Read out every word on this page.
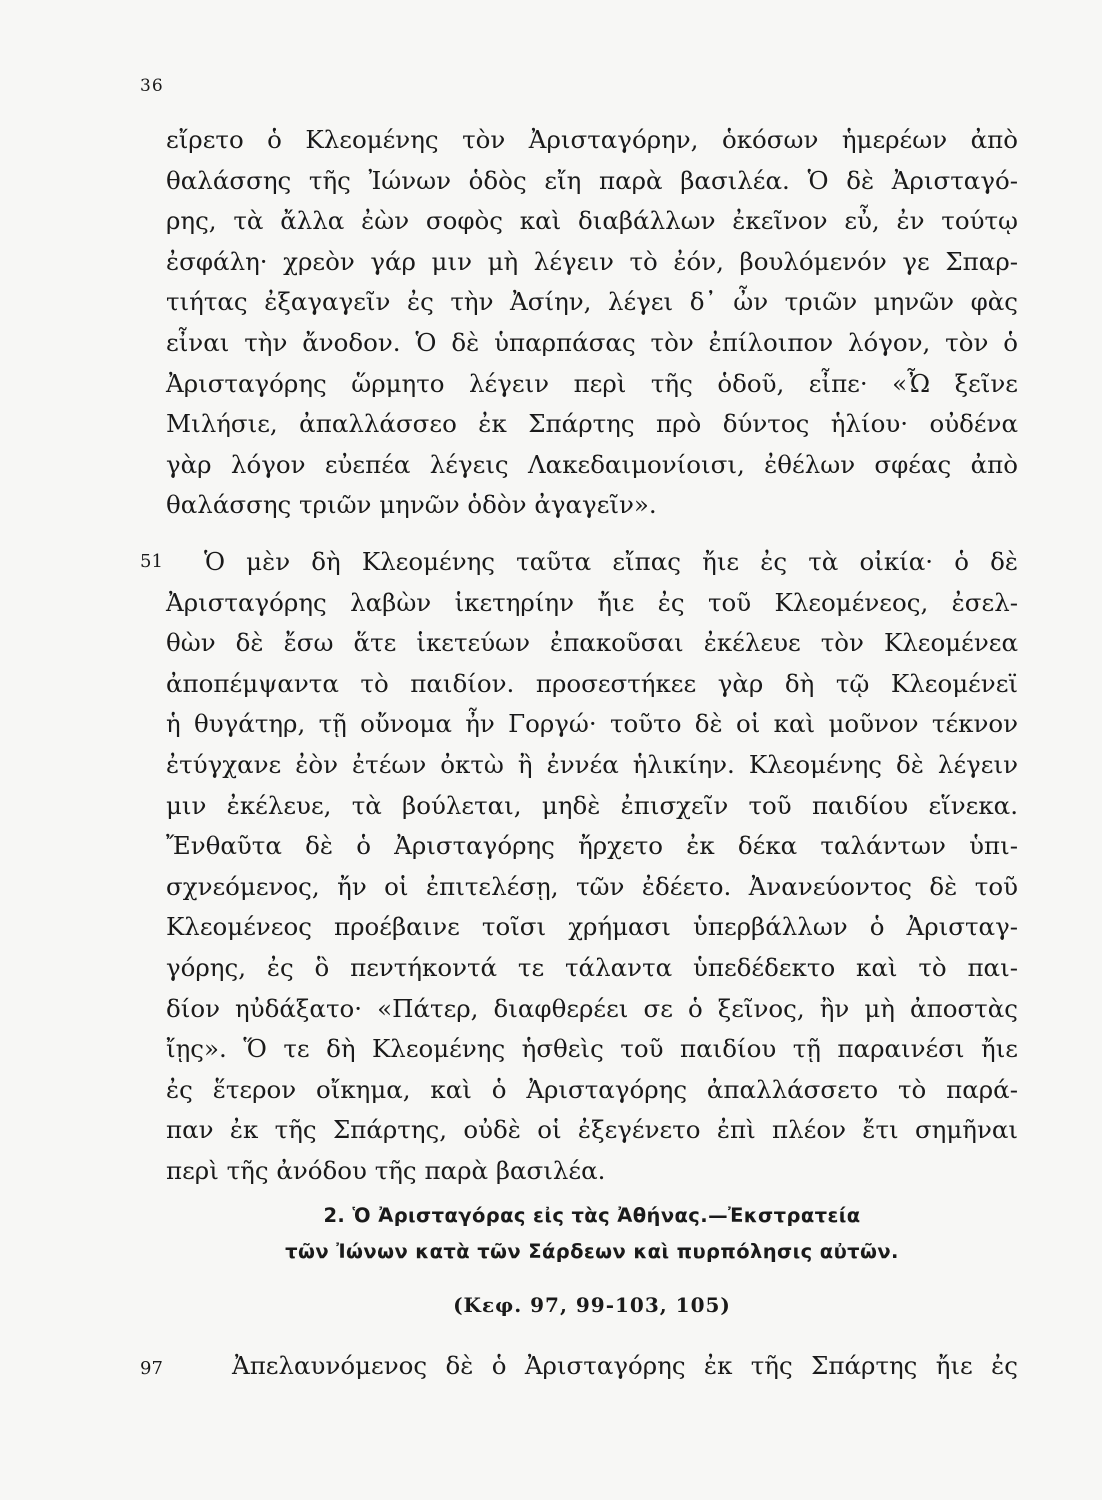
36
εἴρετο ὁ Κλεομένης τὸν Ἀρισταγόρην, ὁκόσων ἡμερέων ἀπὸ
θαλάσσης τῆς Ἰώνων ὁδὸς εἴη παρὰ βασιλέα. Ὁ δὲ Ἀρισταγό-
ρης, τὰ ἄλλα ἐὼν σοφὸς καὶ διαβάλλων ἐκεῖνον εὖ, ἐν τούτῳ
ἐσφάλη· χρεὸν γάρ μιν μὴ λέγειν τὸ ἐόν, βουλόμενόν γε Σπαρ-
τιήτας ἐξαγαγεῖν ἐς τὴν Ἀσίην, λέγει δ᾽ ὦν τριῶν μηνῶν φὰς
εἶναι τὴν ἄνοδον. Ὁ δὲ ὑπαρπάσας τὸν ἐπίλοιπον λόγον, τὸν ὁ
Ἀρισταγόρης ὥρμητο λέγειν περὶ τῆς ὁδοῦ, εἶπε· «Ὦ ξεῖνε
Μιλήσιε, ἀπαλλάσσεο ἐκ Σπάρτης πρὸ δύντος ἡλίου· οὐδένα
γὰρ λόγον εὐεπέα λέγεις Λακεδαιμονίοισι, ἐθέλων σφέας ἀπὸ
θαλάσσης τριῶν μηνῶν ὁδὸν ἀγαγεῖν».
51	Ὁ μὲν δὴ Κλεομένης ταῦτα εἴπας ἤιε ἐς τὰ οἰκία· ὁ δὲ
Ἀρισταγόρης λαβὼν ἱκετηρίην ἤιε ἐς τοῦ Κλεομένεος, ἐσελ-
θὼν δὲ ἔσω ἅτε ἱκετεύων ἐπακοῦσαι ἐκέλευε τὸν Κλεομένεα
ἀποπέμψαντα τὸ παιδίον. προσεστήκεε γὰρ δὴ τῷ Κλεομένεϊ
ἡ θυγάτηρ, τῇ οὔνομα ἦν Γοργώ· τοῦτο δὲ οἱ καὶ μοῦνον τέκνον
ἐτύγχανε ἐὸν ἐτέων ὀκτὼ ἢ ἐννέα ἡλικίην. Κλεομένης δὲ λέγειν
μιν ἐκέλευε, τὰ βούλεται, μηδὲ ἐπισχεῖν τοῦ παιδίου εἵνεκα.
Ἔνθαῦτα δὲ ὁ Ἀρισταγόρης ἤρχετο ἐκ δέκα ταλάντων ὑπι-
σχνεόμενος, ἤν οἱ ἐπιτελέσῃ, τῶν ἐδέετο. Ἀνανεύοντος δὲ τοῦ
Κλεομένεος προέβαινε τοῖσι χρήμασι ὑπερβάλλων ὁ Ἀρισταγ-
γόρης, ἐς ὃ πεντήκοντά τε τάλαντα ὑπεδέδεκτο καὶ τὸ παι-
δίον ηὐδάξατο· «Πάτερ, διαφθερέει σε ὁ ξεῖνος, ἢν μὴ ἀποστὰς
ἴῃς». Ὅ τε δὴ Κλεομένης ἡσθεὶς τοῦ παιδίου τῇ παραινέσι ἤιε
ἐς ἕτερον οἴκημα, καὶ ὁ Ἀρισταγόρης ἀπαλλάσσετο τὸ παρά-
παν ἐκ τῆς Σπάρτης, οὐδὲ οἱ ἐξεγένετο ἐπὶ πλέον ἔτι σημῆναι
περὶ τῆς ἀνόδου τῆς παρὰ βασιλέα.
2. Ὁ Ἀρισταγόρας εἰς τὰς Ἀθήνας.—Ἐκστρατεία
τῶν Ἰώνων κατὰ τῶν Σάρδεων καὶ πυρπόλησις αὐτῶν.
(Κεφ. 97, 99-103, 105)
97	Ἀπελαυνόμενος δὲ ὁ Ἀρισταγόρης ἐκ τῆς Σπάρτης ἤιε ἐς
